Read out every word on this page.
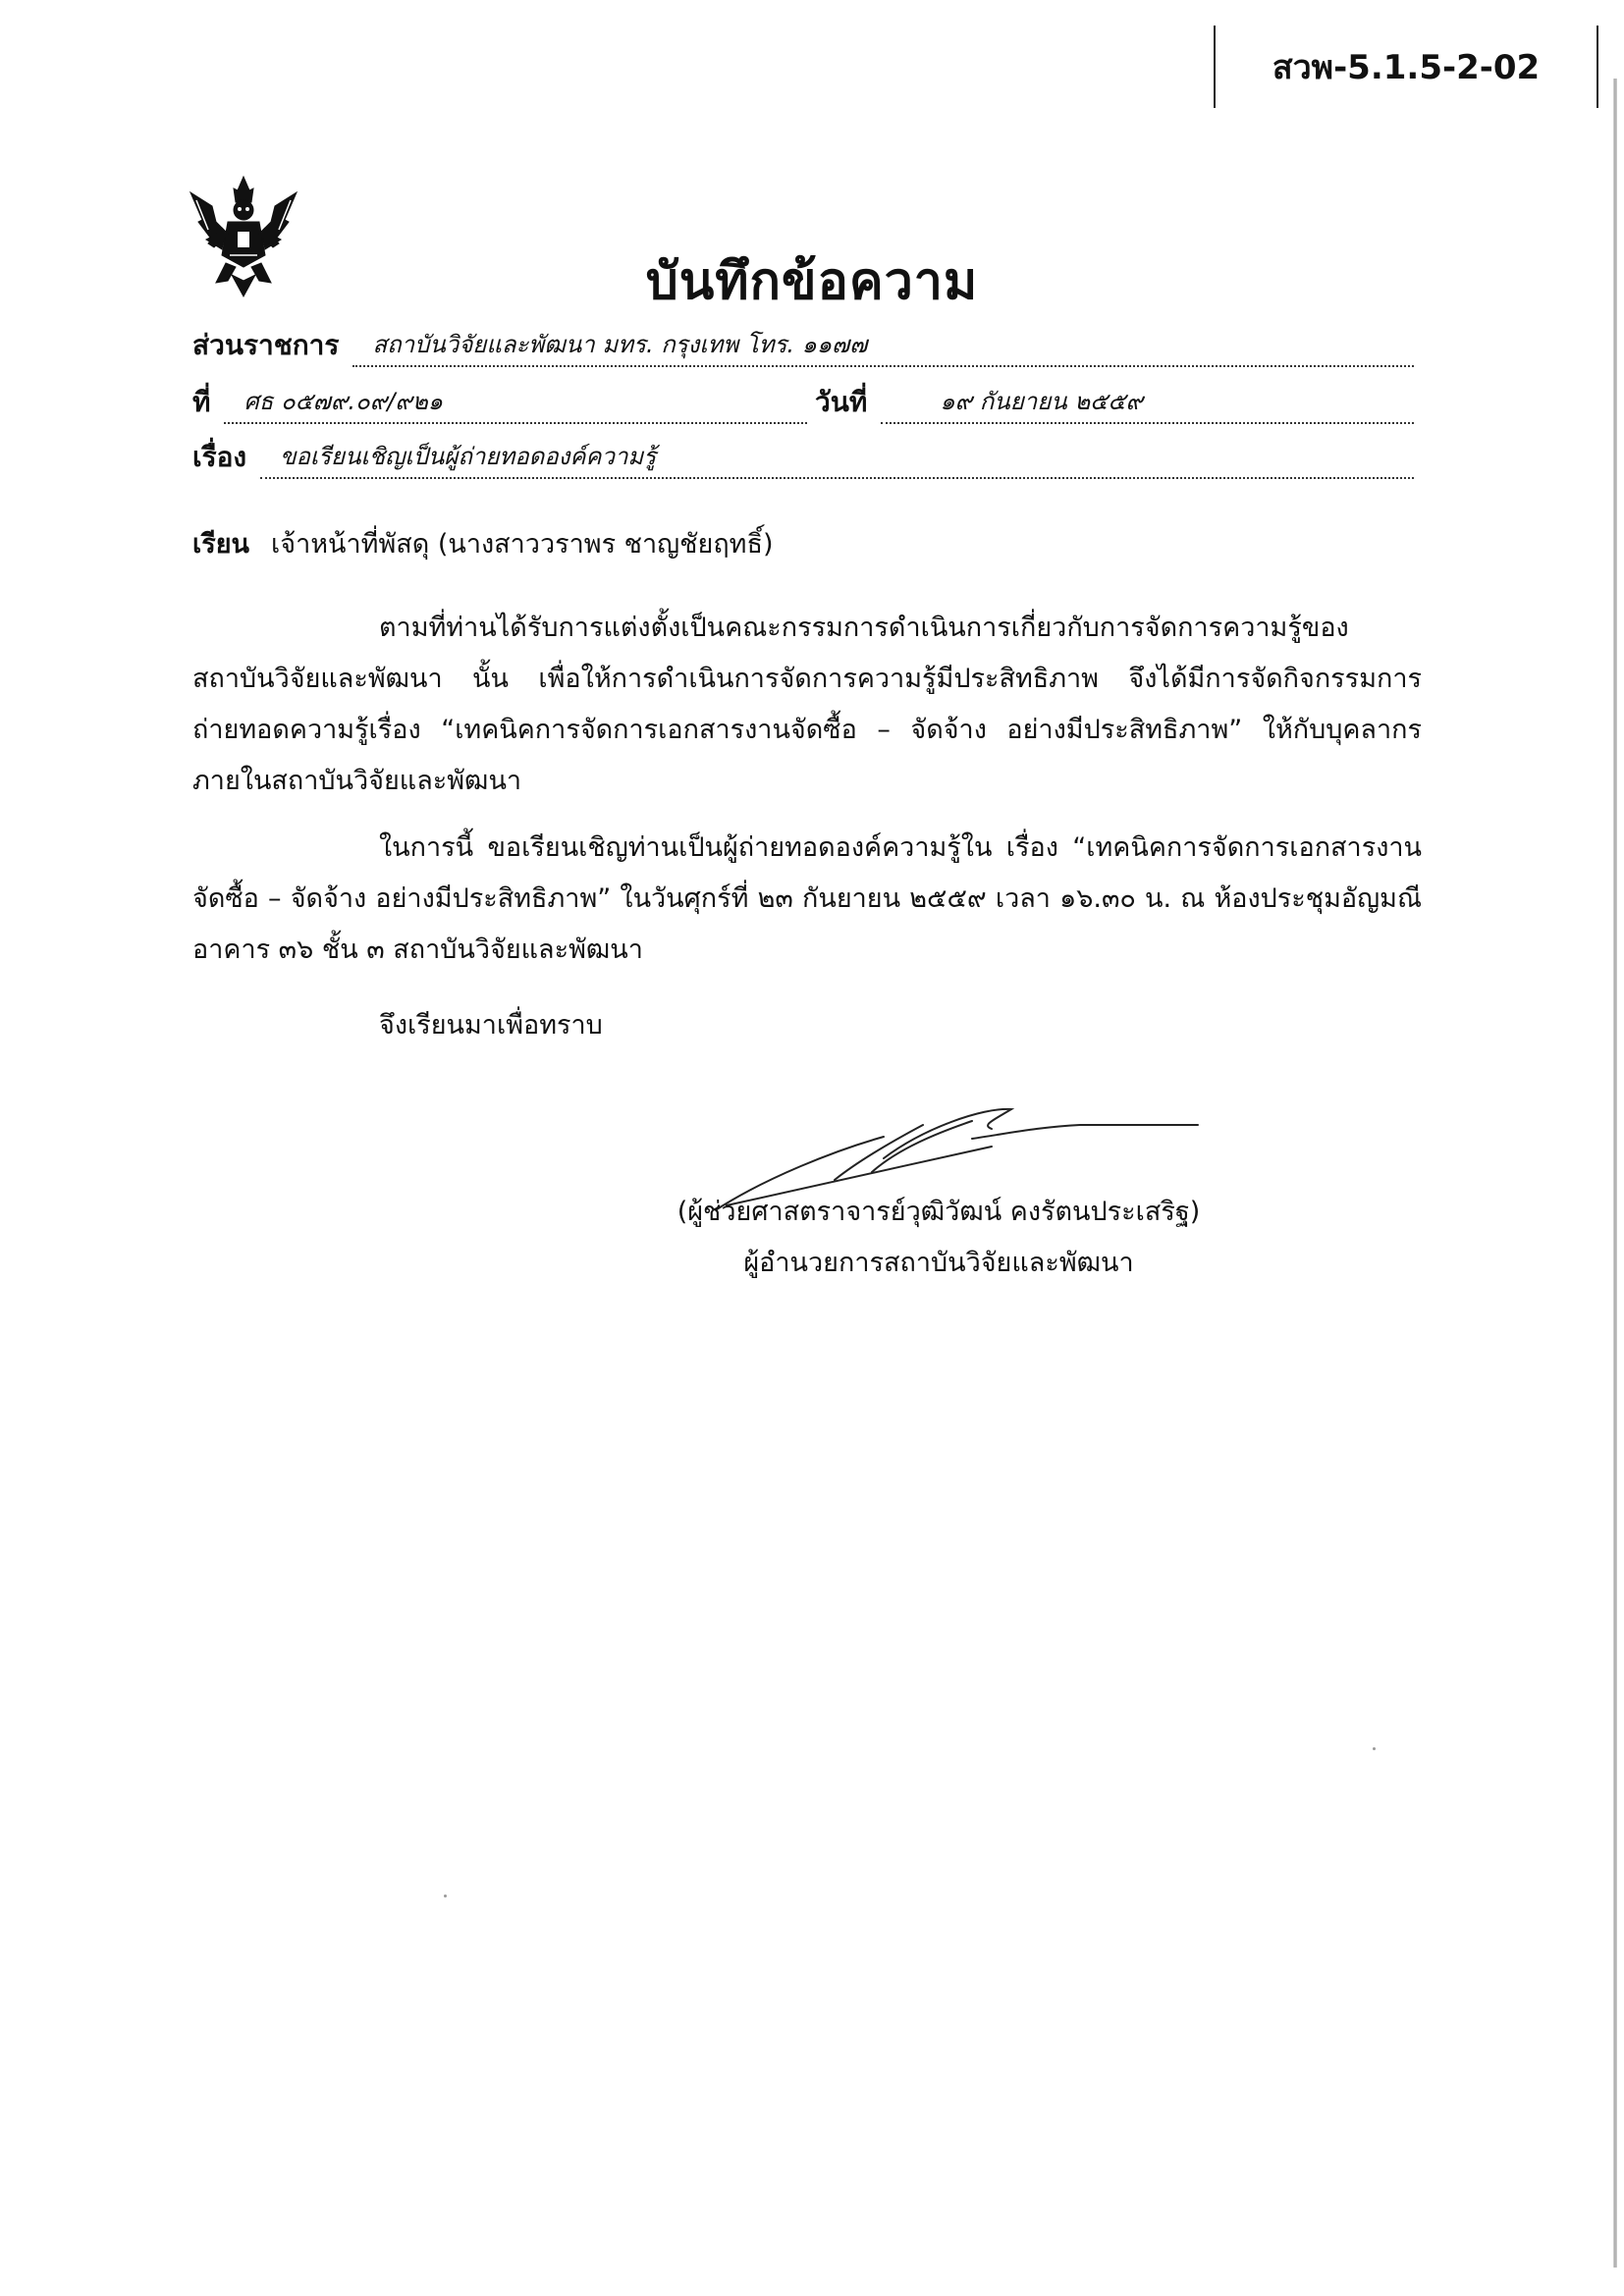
สวพ-5.1.5-2-02
บันทึกข้อความ
ส่วนราชการ	สถาบันวิจัยและพัฒนา มทร. กรุงเทพ โทร. ๑๑๗๗
ที่	ศธ ๐๕๗๙.๐๙/๙๒๑	วันที่	๑๙ กันยายน ๒๕๕๙
เรื่อง	ขอเรียนเชิญเป็นผู้ถ่ายทอดองค์ความรู้
เรียน เจ้าหน้าที่พัสดุ (นางสาววราพร ชาญชัยฤทธิ์)

ตามที่ท่านได้รับการแต่งตั้งเป็นคณะกรรมการดำเนินการเกี่ยวกับการจัดการความรู้ของสถาบันวิจัยและพัฒนา นั้น เพื่อให้การดำเนินการจัดการความรู้มีประสิทธิภาพ จึงได้มีการจัดกิจกรรมการถ่ายทอดความรู้เรื่อง “เทคนิคการจัดการเอกสารงานจัดซื้อ – จัดจ้าง อย่างมีประสิทธิภาพ” ให้กับบุคลากรภายในสถาบันวิจัยและพัฒนา

ในการนี้ ขอเรียนเชิญท่านเป็นผู้ถ่ายทอดองค์ความรู้ใน เรื่อง “เทคนิคการจัดการเอกสารงานจัดซื้อ – จัดจ้าง อย่างมีประสิทธิภาพ” ในวันศุกร์ที่ ๒๓ กันยายน ๒๕๕๙ เวลา ๑๖.๓๐ น. ณ ห้องประชุมอัญมณี อาคาร ๓๖ ชั้น ๓ สถาบันวิจัยและพัฒนา

จึงเรียนมาเพื่อทราบ
(ผู้ช่วยศาสตราจารย์วุฒิวัฒน์ คงรัตนประเสริฐ)
ผู้อำนวยการสถาบันวิจัยและพัฒนา
